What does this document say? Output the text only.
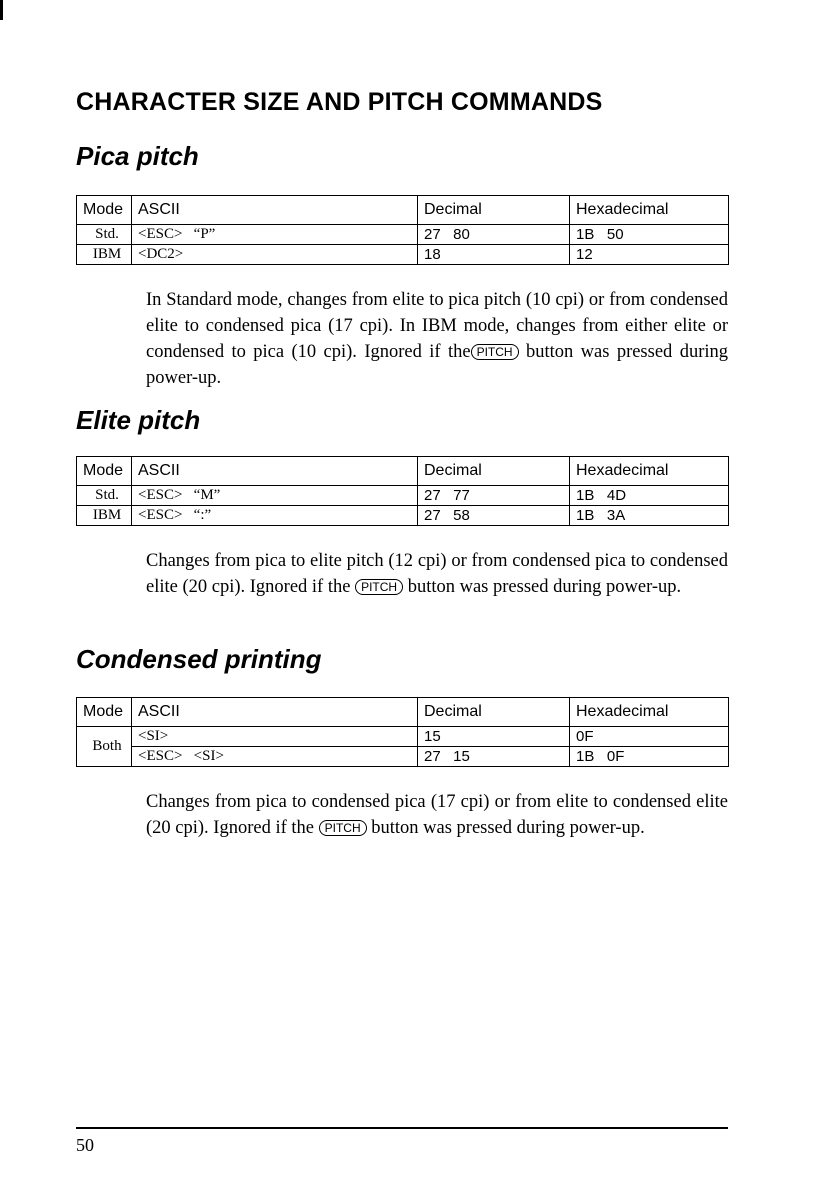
CHARACTER SIZE AND PITCH COMMANDS
Pica pitch
Mode	ASCII	Decimal	Hexadecimal
Std.	<ESC>   “P”	27   80	1B   50
IBM	<DC2>	18	12

In Standard mode, changes from elite to pica pitch (10 cpi) or from condensed elite to condensed pica (17 cpi). In IBM mode, changes from either elite or condensed to pica (10 cpi). Ignored if the PITCH button was pressed during power-up.

Elite pitch
Mode	ASCII	Decimal	Hexadecimal
Std.	<ESC>   “M”	27   77	1B   4D
IBM	<ESC>   “:”	27   58	1B   3A

Changes from pica to elite pitch (12 cpi) or from condensed pica to condensed elite (20 cpi). Ignored if the PITCH button was pressed during power-up.

Condensed printing
Mode	ASCII	Decimal	Hexadecimal
Both	<SI>	15	0F
	<ESC>   <SI>	27   15	1B   0F

Changes from pica to condensed pica (17 cpi) or from elite to condensed elite (20 cpi). Ignored if the PITCH button was pressed during power-up.

50
